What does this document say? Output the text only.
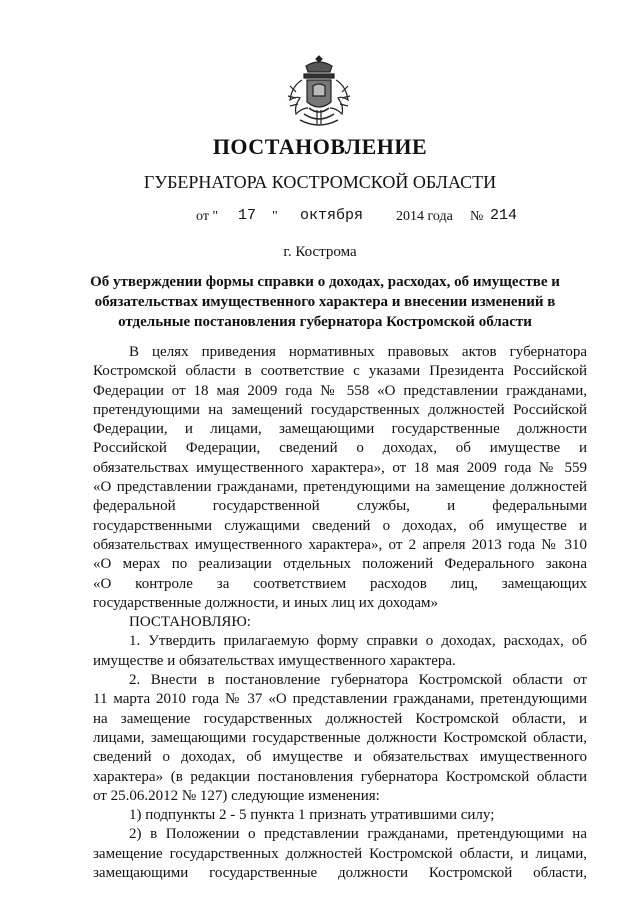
ПОСТАНОВЛЕНИЕ
ГУБЕРНАТОРА КОСТРОМСКОЙ ОБЛАСТИ
от " 17 " октября 2014 года № 214
г. Кострома
Об утверждении формы справки о доходах, расходах, об имуществе и
обязательствах имущественного характера и внесении изменений в
отдельные постановления губернатора Костромской области
В целях приведения нормативных правовых актов губернатора
Костромской области в соответствие с указами Президента Российской
Федерации от 18 мая 2009 года № 558 «О представлении гражданами,
претендующими на замещений государственных должностей Российской
Федерации, и лицами, замещающими государственные должности
Российской Федерации, сведений о доходах, об имуществе и
обязательствах имущественного характера», от 18 мая 2009 года № 559
«О представлении гражданами, претендующими на замещение должностей
федеральной государственной службы, и федеральными
государственными служащими сведений о доходах, об имуществе и
обязательствах имущественного характера», от 2 апреля 2013 года № 310
«О мерах по реализации отдельных положений Федерального закона
«О контроле за соответствием расходов лиц, замещающих
государственные должности, и иных лиц их доходам»
ПОСТАНОВЛЯЮ:
1. Утвердить прилагаемую форму справки о доходах, расходах, об
имуществе и обязательствах имущественного характера.
2. Внести в постановление губернатора Костромской области от
11 марта 2010 года № 37 «О представлении гражданами, претендующими
на замещение государственных должностей Костромской области, и
лицами, замещающими государственные должности Костромской области,
сведений о доходах, об имуществе и обязательствах имущественного
характера» (в редакции постановления губернатора Костромской области
от 25.06.2012 № 127) следующие изменения:
1) подпункты 2 - 5 пункта 1 признать утратившими силу;
2) в Положении о представлении гражданами, претендующими на
замещение государственных должностей Костромской области, и лицами,
замещающими государственные должности Костромской области,
